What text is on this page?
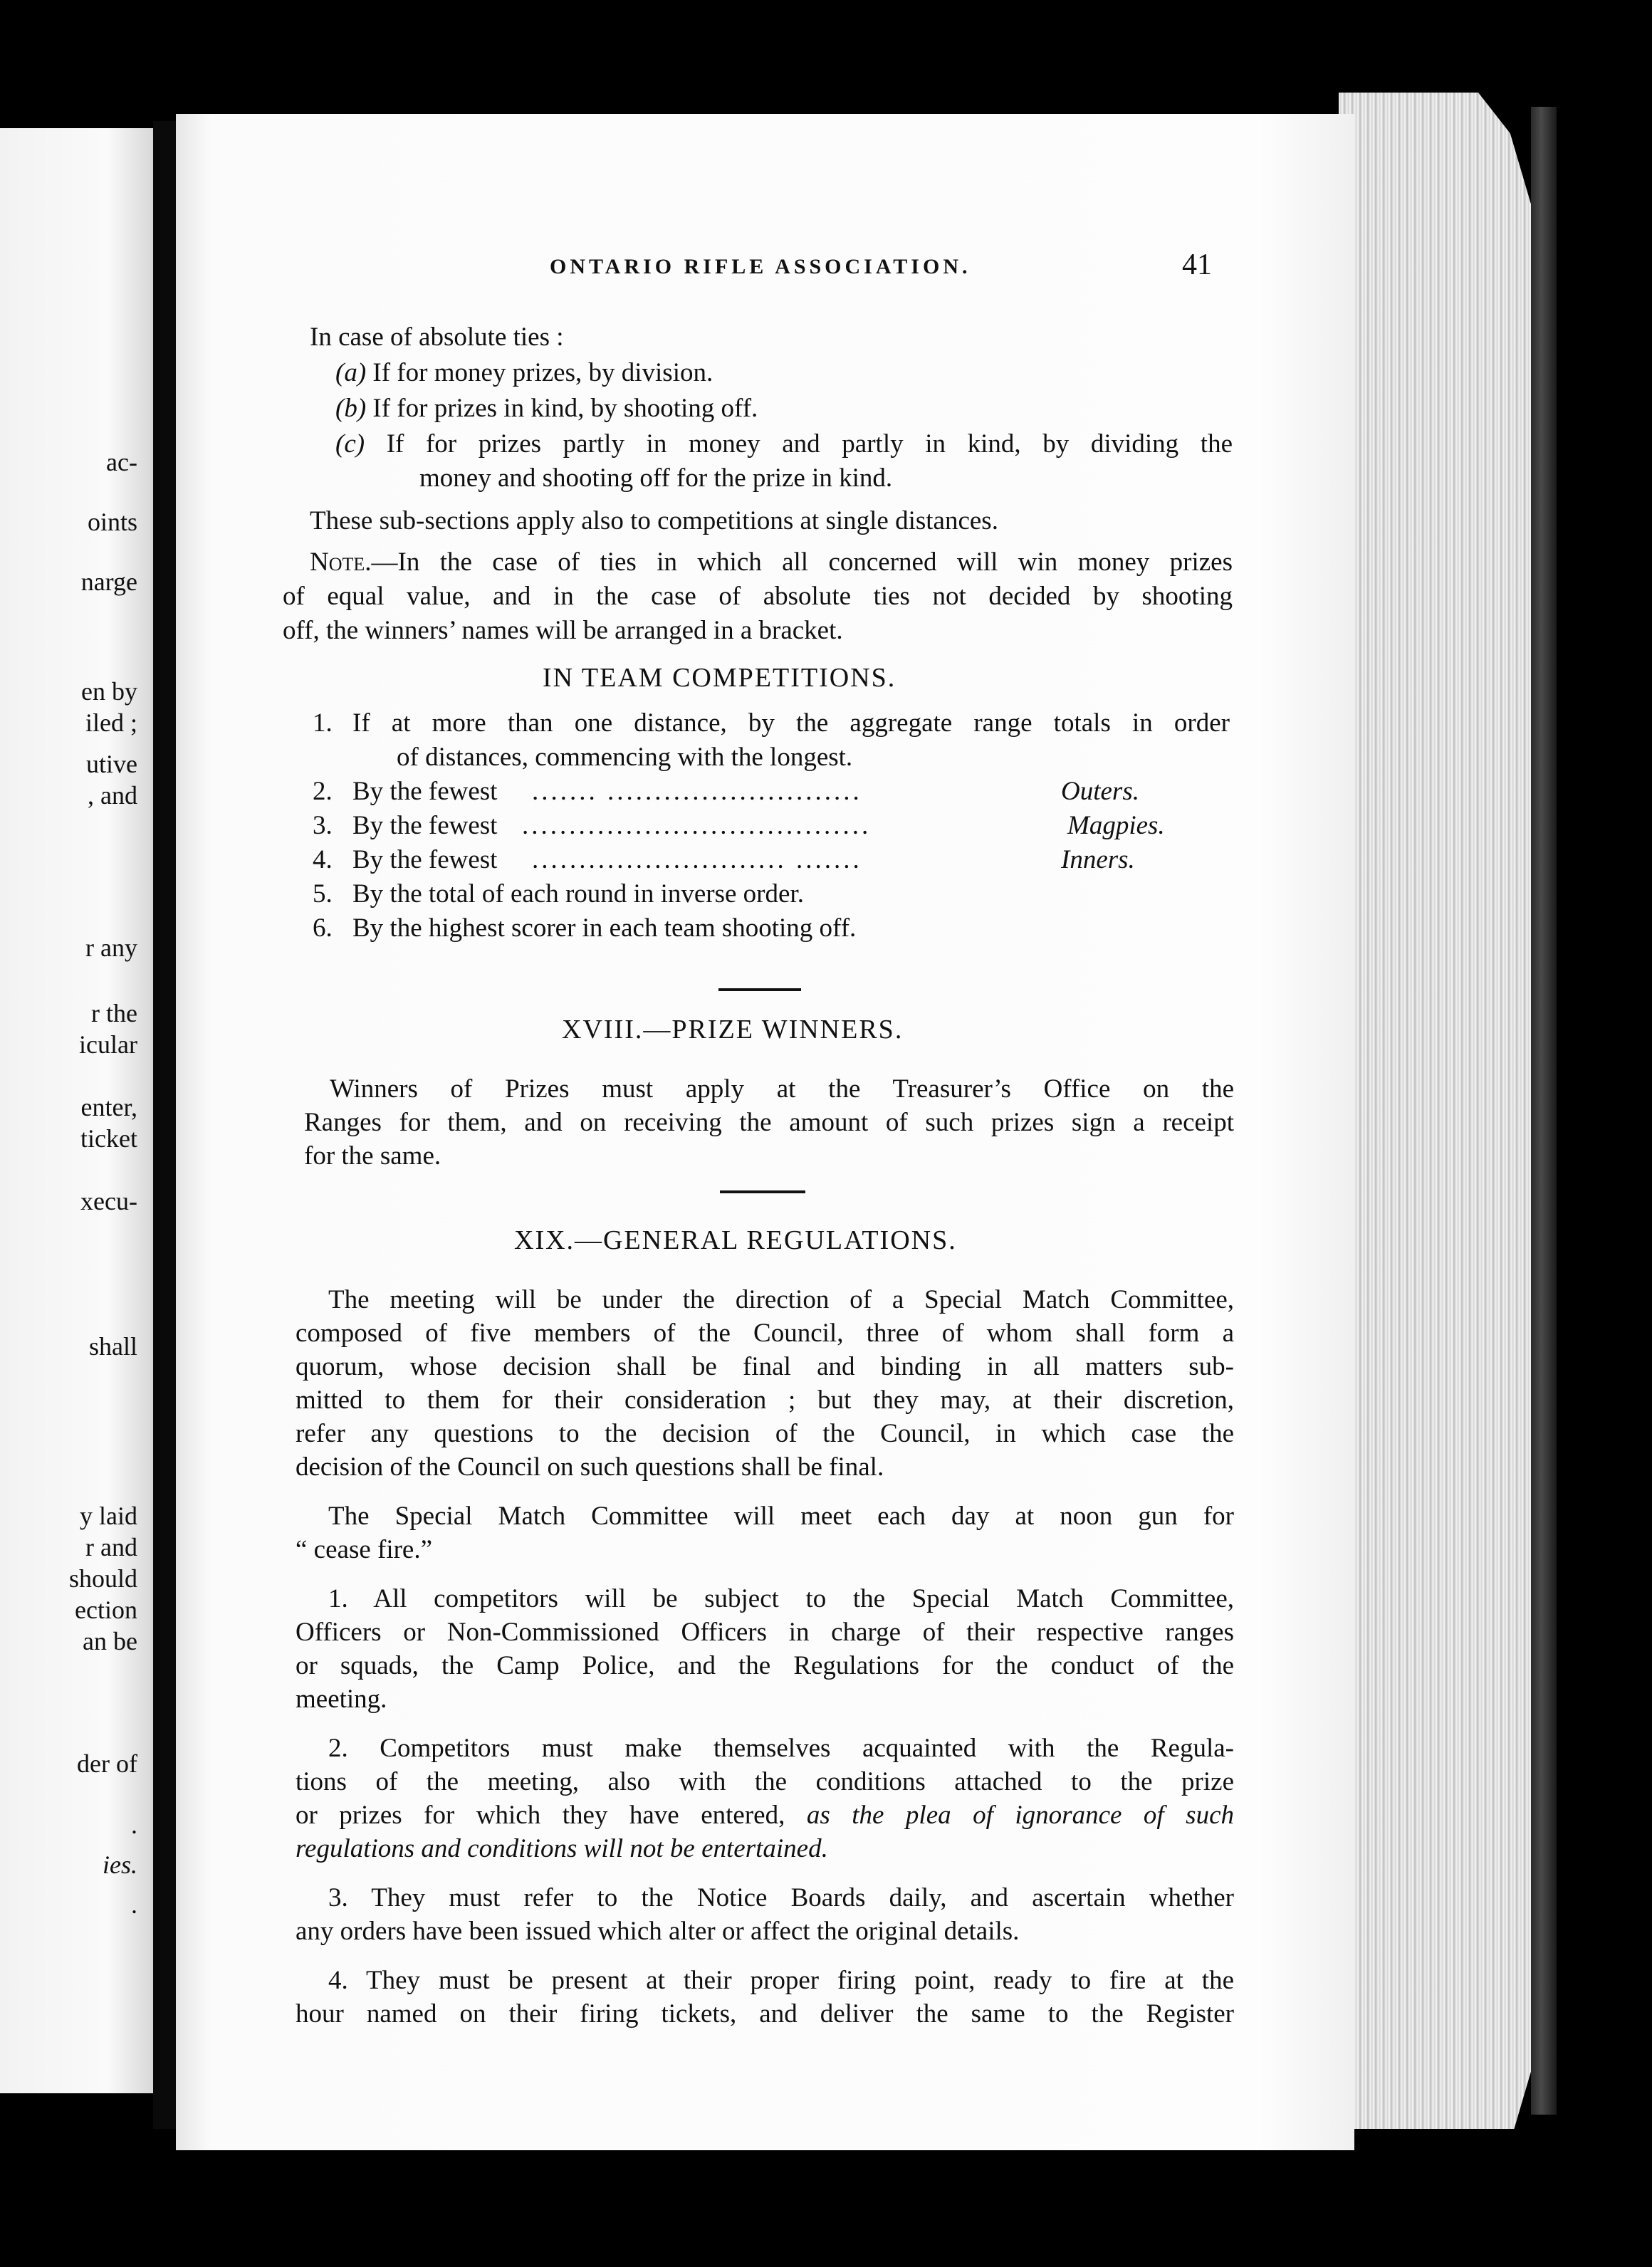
ac-
oints
narge
en by
iled ;
utive
, and
r any
r the
icular
enter,
ticket
xecu-
shall
y laid
r and
should
ection
an be
der of
.
ies.
.
ONTARIO RIFLE ASSOCIATION.	41
In case of absolute ties :
(a) If for money prizes, by division.
(b) If for prizes in kind, by shooting off.
(c) If for prizes partly in money and partly in kind, by dividing the
money and shooting off for the prize in kind.
These sub-sections apply also to competitions at single distances.
Note.—In the case of ties in which all concerned will win money prizes
of equal value, and in the case of absolute ties not decided by shooting
off, the winners’ names will be arranged in a bracket.
IN TEAM COMPETITIONS.
1. If at more than one distance, by the aggregate range totals in order
of distances, commencing with the longest.
2. By the fewest ....... ...........................	Outers.
3. By the fewest .....................................	Magpies.
4. By the fewest ........................... .......	Inners.
5. By the total of each round in inverse order.
6. By the highest scorer in each team shooting off.
XVIII.—PRIZE WINNERS.
Winners of Prizes must apply at the Treasurer’s Office on the
Ranges for them, and on receiving the amount of such prizes sign a receipt
for the same.
XIX.—GENERAL REGULATIONS.
The meeting will be under the direction of a Special Match Committee,
composed of five members of the Council, three of whom shall form a
quorum, whose decision shall be final and binding in all matters sub-
mitted to them for their consideration ; but they may, at their discretion,
refer any questions to the decision of the Council, in which case the
decision of the Council on such questions shall be final.
The Special Match Committee will meet each day at noon gun for
“ cease fire.”
1. All competitors will be subject to the Special Match Committee,
Officers or Non-Commissioned Officers in charge of their respective ranges
or squads, the Camp Police, and the Regulations for the conduct of the
meeting.
2. Competitors must make themselves acquainted with the Regula-
tions of the meeting, also with the conditions attached to the prize
or prizes for which they have entered, as the plea of ignorance of such
regulations and conditions will not be entertained.
3. They must refer to the Notice Boards daily, and ascertain whether
any orders have been issued which alter or affect the original details.
4. They must be present at their proper firing point, ready to fire at the
hour named on their firing tickets, and deliver the same to the Register
